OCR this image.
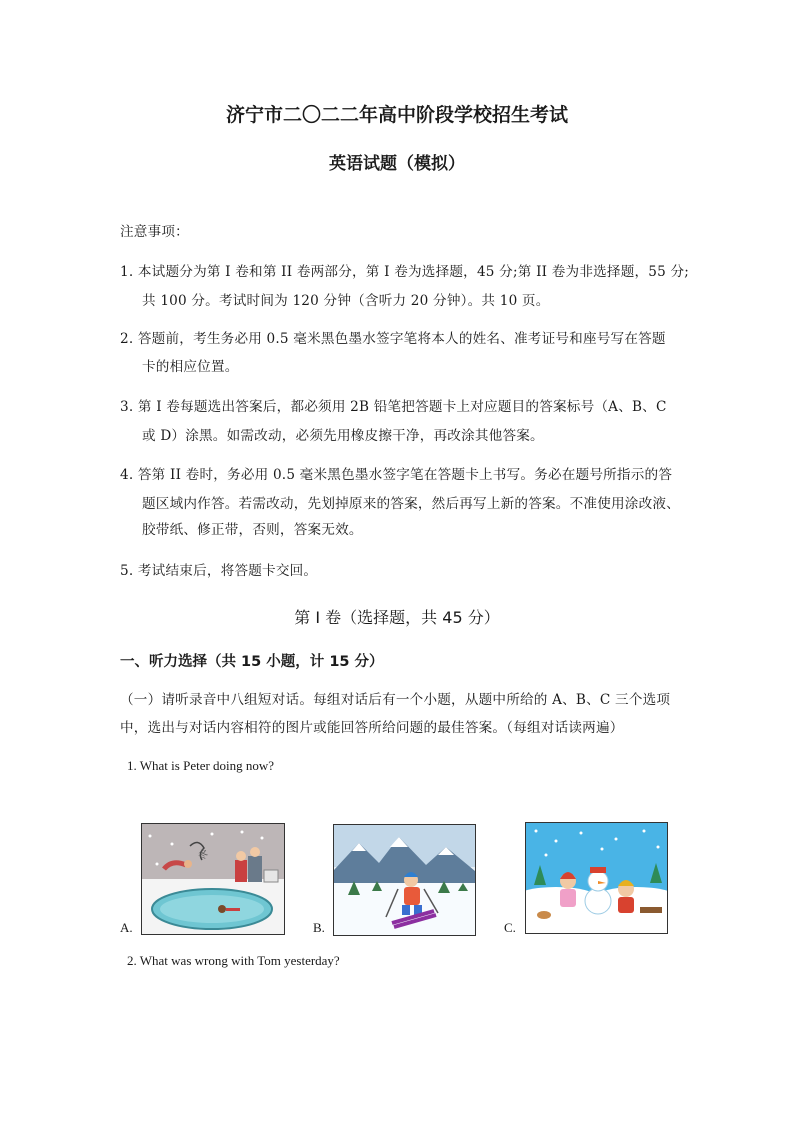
济宁市二〇二二年高中阶段学校招生考试
英语试题（模拟）
注意事项：
1. 本试题分为第 I 卷和第 II 卷两部分，第 I 卷为选择题，45 分;第 II 卷为非选择题，55 分;
共 100 分。考试时间为 120 分钟（含听力 20 分钟）。共 10 页。
2. 答题前，考生务必用 0.5 毫米黑色墨水签字笔将本人的姓名、准考证号和座号写在答题
卡的相应位置。
3. 第 I 卷每题选出答案后，都必须用 2B 铅笔把答题卡上对应题目的答案标号（A、B、C
或 D）涂黑。如需改动，必须先用橡皮擦干净，再改涂其他答案。
4. 答第 II 卷时，务必用 0.5 毫米黑色墨水签字笔在答题卡上书写。务必在题号所指示的答
题区域内作答。若需改动，先划掉原来的答案，然后再写上新的答案。不准使用涂改液、
胶带纸、修正带，否则，答案无效。
5. 考试结束后，将答题卡交回。
第 I 卷（选择题，共 45 分）
一、听力选择（共 15 小题，计 15 分）
（一）请听录音中八组短对话。每组对话后有一个小题，从题中所给的 A、B、C 三个选项
中，选出与对话内容相符的图片或能回答所给问题的最佳答案。（每组对话读两遍）
1. What is Peter doing now?
A.
冬
B.	C.
2. What was wrong with Tom yesterday?
